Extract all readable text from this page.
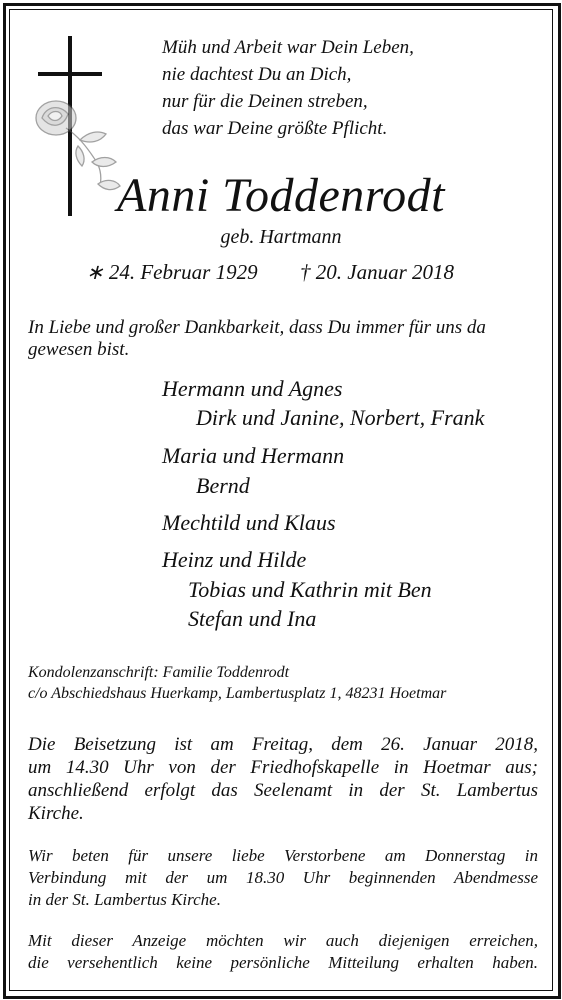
Müh und Arbeit war Dein Leben,
nie dachtest Du an Dich,
nur für die Deinen streben,
das war Deine größte Pflicht.
Anni Toddenrodt
geb. Hartmann
∗ 24. Februar 1929 † 20. Januar 2018
In Liebe und großer Dankbarkeit, dass Du immer für uns da
gewesen bist.
Hermann und Agnes
Dirk und Janine, Norbert, Frank
Maria und Hermann
Bernd
Mechtild und Klaus
Heinz und Hilde
Tobias und Kathrin mit Ben
Stefan und Ina
Kondolenzanschrift: Familie Toddenrodt
c/o Abschiedshaus Huerkamp, Lambertusplatz 1, 48231 Hoetmar
Die Beisetzung ist am Freitag, dem 26. Januar 2018,
um 14.30 Uhr von der Friedhofskapelle in Hoetmar aus;
anschließend erfolgt das Seelenamt in der St. Lambertus
Kirche.
Wir beten für unsere liebe Verstorbene am Donnerstag in
Verbindung mit der um 18.30 Uhr beginnenden Abendmesse
in der St. Lambertus Kirche.
Mit dieser Anzeige möchten wir auch diejenigen erreichen,
die versehentlich keine persönliche Mitteilung erhalten haben.
